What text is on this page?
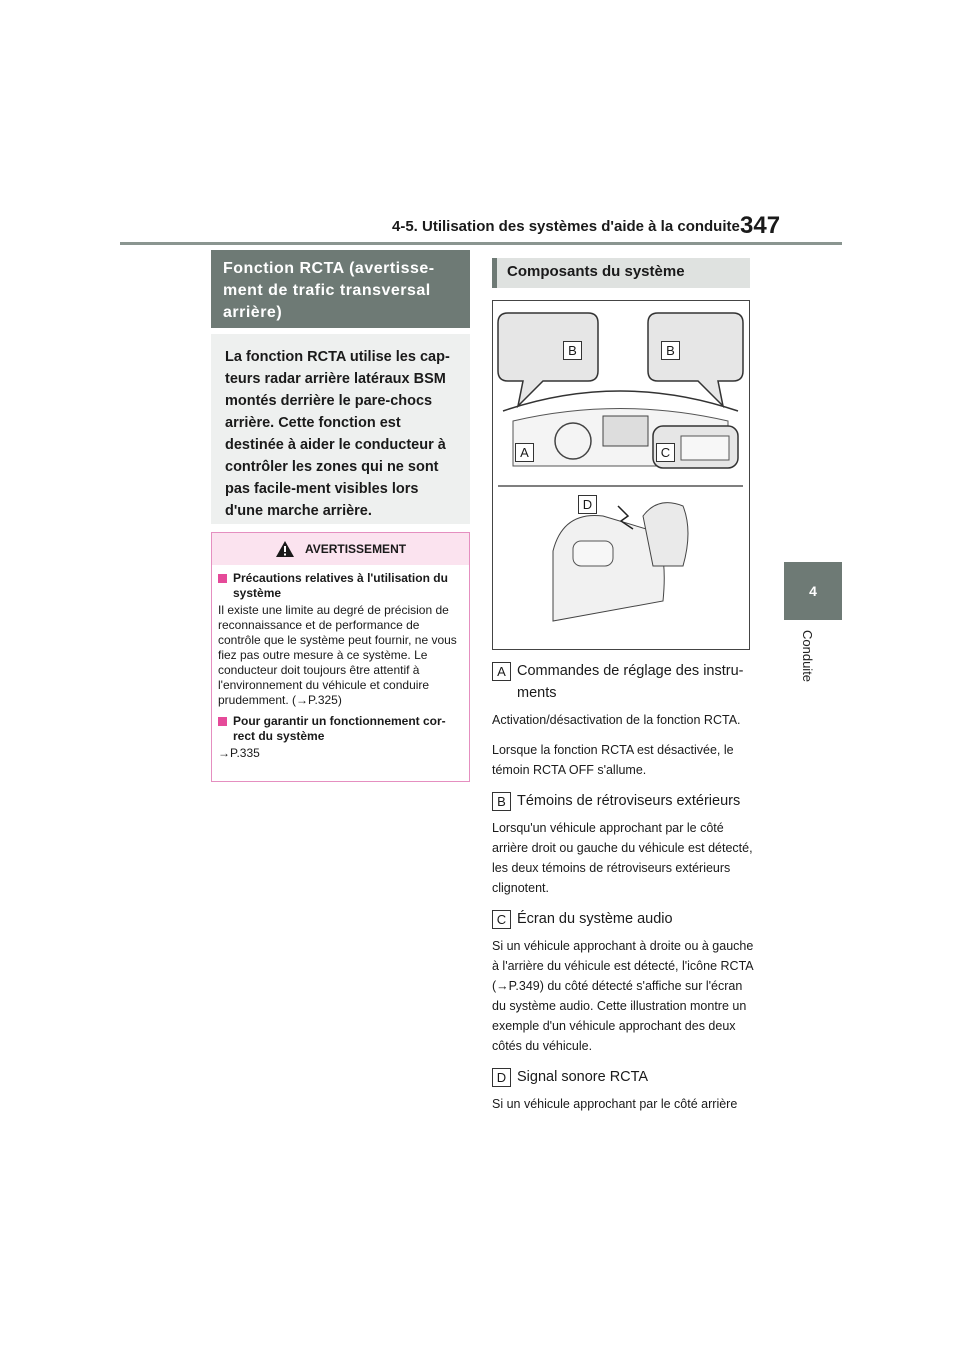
4-5. Utilisation des systèmes d'aide à la conduite 347
4
Conduite
Fonction RCTA (avertisse-ment de trafic transversal arrière)
La fonction RCTA utilise les cap-teurs radar arrière latéraux BSM montés derrière le pare-chocs arrière. Cette fonction est destinée à aider le conducteur à contrôler les zones qui ne sont pas facile-ment visibles lors d'une marche arrière.
AVERTISSEMENT
Précautions relatives à l'utilisation du système

Il existe une limite au degré de précision de reconnaissance et de performance de contrôle que le système peut fournir, ne vous fiez pas outre mesure à ce système. Le conducteur doit toujours être attentif à l'environnement du véhicule et conduire prudemment. (→P.325)

Pour garantir un fonctionnement cor-rect du système

→P.335

Composants du système
B	B
A	C
D
A Commandes de réglage des instru-ments
Activation/désactivation de la fonction RCTA.
Lorsque la fonction RCTA est désactivée, le témoin RCTA OFF s'allume.
B Témoins de rétroviseurs extérieurs
Lorsqu'un véhicule approchant par le côté arrière droit ou gauche du véhicule est détecté, les deux témoins de rétroviseurs extérieurs clignotent.
C Écran du système audio
Si un véhicule approchant à droite ou à gauche à l'arrière du véhicule est détecté, l'icône RCTA (→P.349) du côté détecté s'affiche sur l'écran du système audio. Cette illustration montre un exemple d'un véhicule approchant des deux côtés du véhicule.
D Signal sonore RCTA
Si un véhicule approchant par le côté arrière
